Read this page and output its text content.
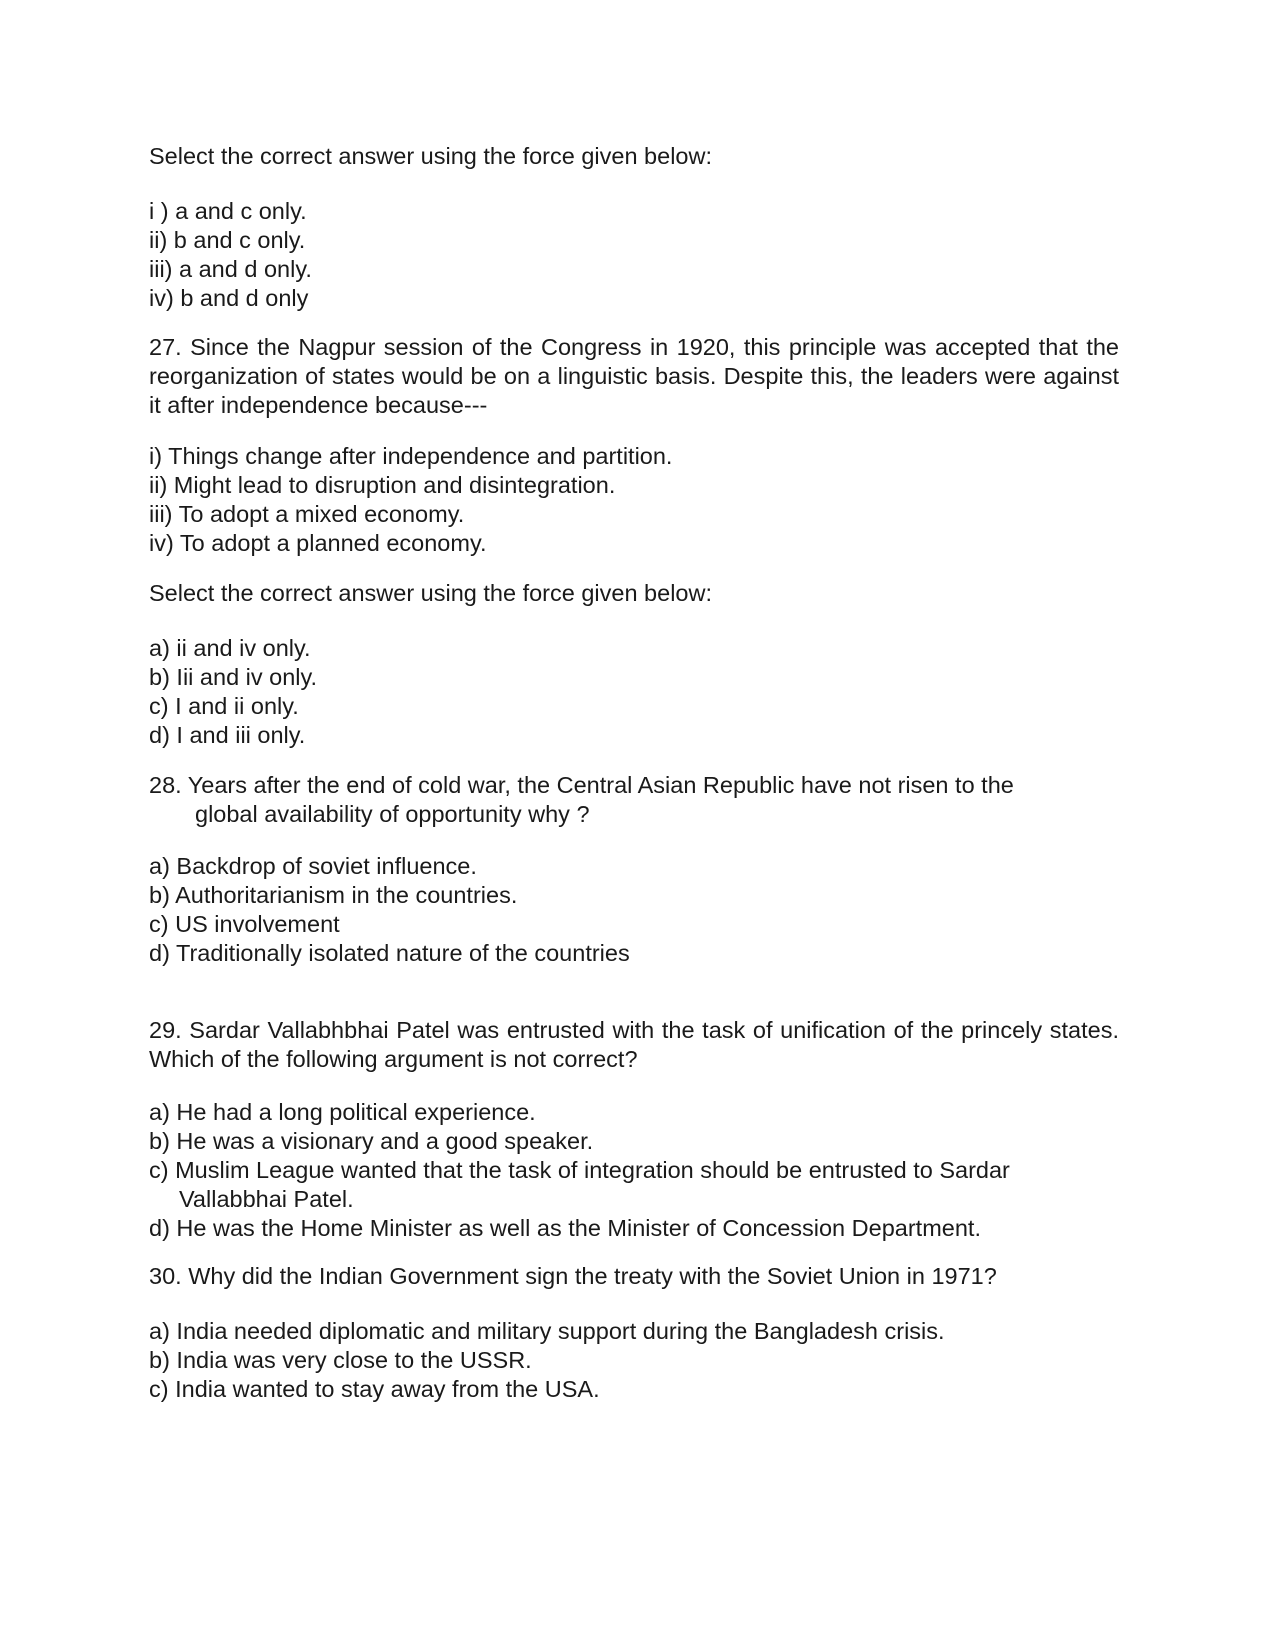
Select the correct answer using the force given below:
i ) a and c only.
ii) b and c only.
iii) a and d only.
iv) b and d only
27. Since the Nagpur session of the Congress in 1920, this principle was accepted that the reorganization of states would be on a linguistic basis. Despite this, the leaders were against it after independence because---
i) Things change after independence and partition.
ii) Might lead to disruption and disintegration.
iii) To adopt a mixed economy.
iv) To adopt a planned economy.
Select the correct answer using the force given below:
a) ii and iv only.
b) Iii and iv only.
c) I and ii only.
d) I and iii only.
28. Years after the end of cold war, the Central Asian Republic have not risen to the
global availability of opportunity why ?
a) Backdrop of soviet influence.
b) Authoritarianism in the countries.
c) US involvement
d) Traditionally isolated nature of the countries
29. Sardar Vallabhbhai Patel was entrusted with the task of unification of the princely states. Which of the following argument is not correct?
a) He had a long political experience.
b) He was a visionary and a good speaker.
c) Muslim League wanted that the task of integration should be entrusted to Sardar
Vallabbhai Patel.
d) He was the Home Minister as well as the Minister of Concession Department.
30. Why did the Indian Government sign the treaty with the Soviet Union in 1971?
a) India needed diplomatic and military support during the Bangladesh crisis.
b) India was very close to the USSR.
c) India wanted to stay away from the USA.
